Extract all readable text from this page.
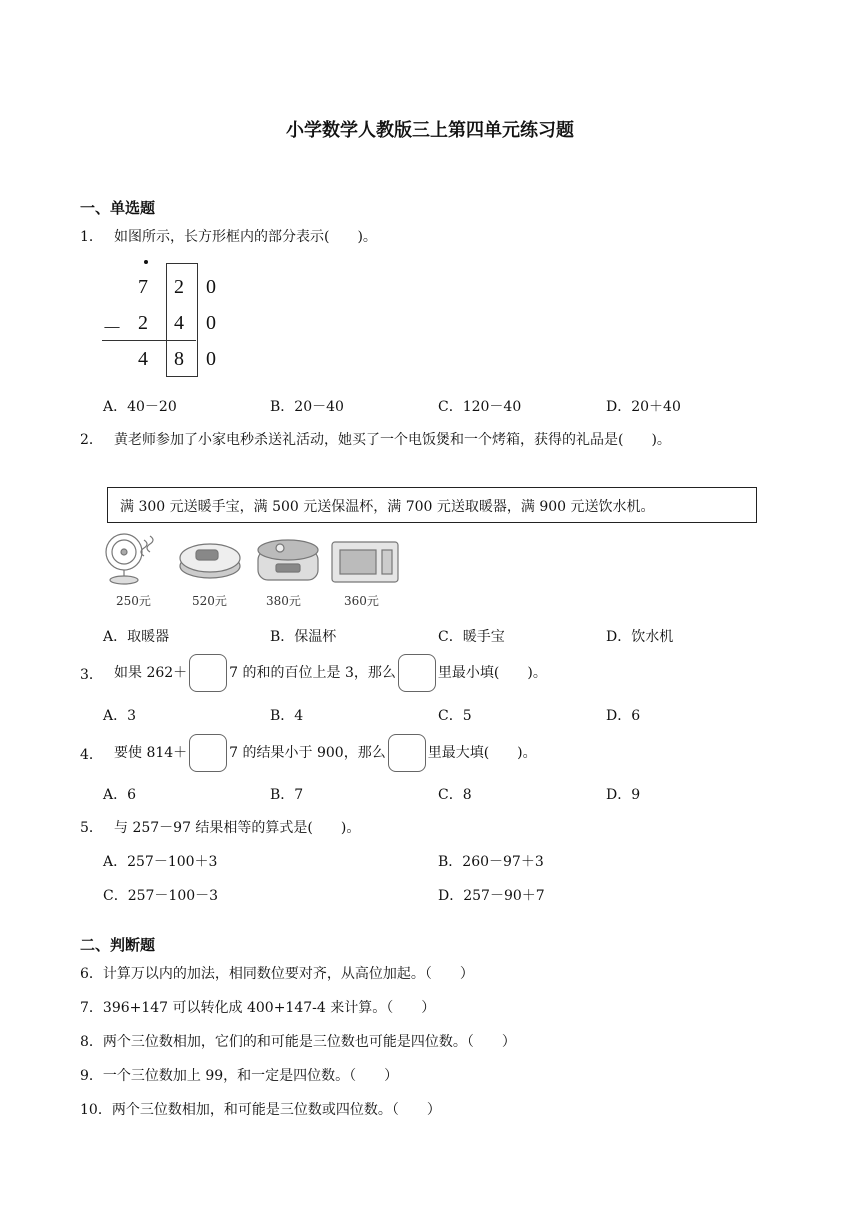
小学数学人教版三上第四单元练习题
一、单选题
1． 如图所示，长方形框内的部分表示(　　)。
7 2 0
－ 2 4 0
4 8 0
A．40－20	B．20－40	C．120－40	D．20＋40
2． 黄老师参加了小家电秒杀送礼活动，她买了一个电饭煲和一个烤箱，获得的礼品是(　　)。
满 300 元送暖手宝，满 500 元送保温杯，满 700 元送取暖器，满 900 元送饮水机。
250元	520元	380元	360元
A．取暖器	B．保温杯	C．暖手宝	D．饮水机
3． 如果 262＋	7 的和的百位上是 3，那么	里最小填(　　)。
A．3	B．4	C．5	D．6
4． 要使 814＋	7 的结果小于 900，那么	里最大填(　　)。
A．6	B．7	C．8	D．9
5． 与 257－97 结果相等的算式是(　　)。
A．257－100＋3	B．260－97＋3
C．257－100－3	D．257－90＋7
二、判断题
6．计算万以内的加法，相同数位要对齐，从高位加起。（　　）
7．396+147 可以转化成 400+147-4 来计算。（　　）
8．两个三位数相加，它们的和可能是三位数也可能是四位数。（　　）
9．一个三位数加上 99，和一定是四位数。（　　）
10．两个三位数相加，和可能是三位数或四位数。（　　）
